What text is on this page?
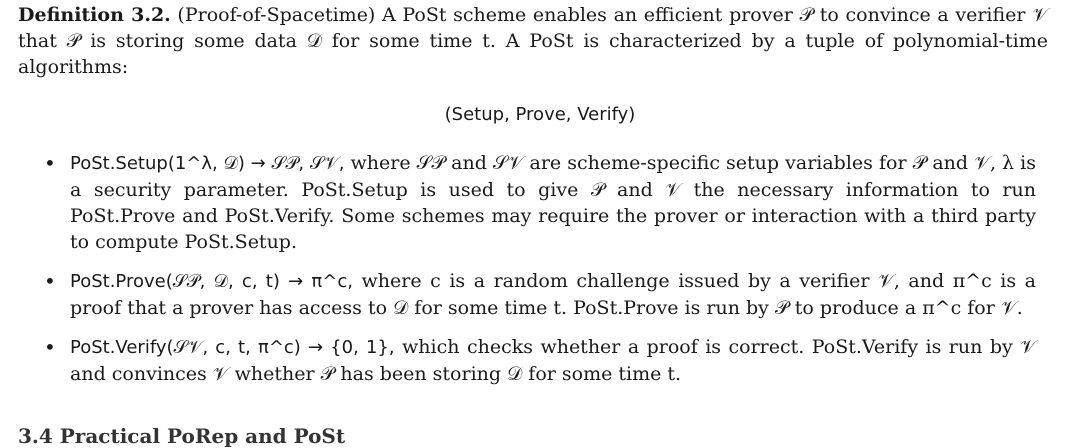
Definition 3.2. (Proof-of-Spacetime) A PoSt scheme enables an efficient prover 𝒫 to convince a verifier 𝒱 that 𝒫 is storing some data 𝒟 for some time t. A PoSt is characterized by a tuple of polynomial-time algorithms:
(Setup, Prove, Verify)
• PoSt.Setup(1^λ, 𝒟) → 𝒮𝒫, 𝒮𝒱, where 𝒮𝒫 and 𝒮𝒱 are scheme-specific setup variables for 𝒫 and 𝒱, λ is a security parameter. PoSt.Setup is used to give 𝒫 and 𝒱 the necessary information to run PoSt.Prove and PoSt.Verify. Some schemes may require the prover or interaction with a third party to compute PoSt.Setup.
• PoSt.Prove(𝒮𝒫, 𝒟, c, t) → π^c, where c is a random challenge issued by a verifier 𝒱, and π^c is a proof that a prover has access to 𝒟 for some time t. PoSt.Prove is run by 𝒫 to produce a π^c for 𝒱.
• PoSt.Verify(𝒮𝒱, c, t, π^c) → {0, 1}, which checks whether a proof is correct. PoSt.Verify is run by 𝒱 and convinces 𝒱 whether 𝒫 has been storing 𝒟 for some time t.
3.4 Practical PoRep and PoSt
